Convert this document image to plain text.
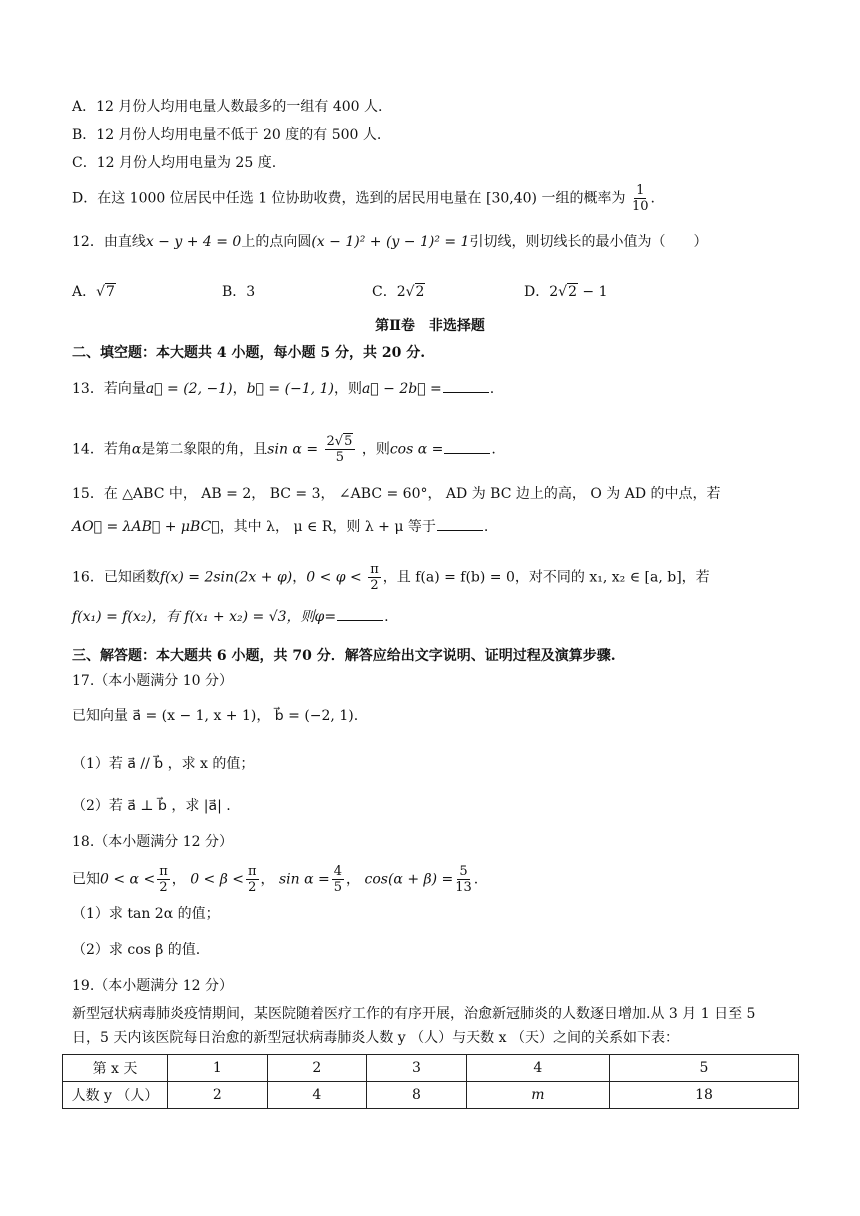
A．12 月份人均用电量人数最多的一组有 400 人.
B．12 月份人均用电量不低于 20 度的有 500 人.
C．12 月份人均用电量为 25 度.
D．在这 1000 位居民中任选 1 位协助收费，选到的居民用电量在 [30,40) 一组的概率为 $\frac{1}{10}$ .
12．由直线x − y + 4 = 0上的点向圆(x − 1)² + (y − 1)² = 1引切线，则切线长的最小值为（　　）
A．√7	B．3	C．2√2	D．2√2 − 1
第Ⅱ卷　非选择题
二、填空题：本大题共 4 小题，每小题 5 分，共 20 分.
13．若向量a⃗ = (2, −1)，b⃗ = (−1, 1)，则a⃗ − 2b⃗ =	.
14．若角α是第二象限的角，且$\sin \alpha = \frac{2√5}{5}$ ，则cos α =	.
15．在 △ABC 中， AB = 2， BC = 3， ∠ABC = 60°， AD 为 BC 边上的高， O 为 AD 的中点，若
AO⃗ = λAB⃗ + μBC⃗，其中 λ， μ ∈ R，则 λ + μ 等于	.
16．已知函数f(x) = 2sin(2x + φ)，$0 < \varphi < \frac{\pi}{2}$ ，且 f(a) = f(b) = 0，对不同的 x₁, x₂ ∈ [a, b]，若
f(x₁) = f(x₂)，有 f(x₁ + x₂) = √3，则φ=	.
三、解答题：本大题共 6 小题，共 70 分．解答应给出文字说明、证明过程及演算步骤.
17.（本小题满分 10 分）
已知向量 a⃗ = (x − 1, x + 1)， b⃗ = (−2, 1).
（1）若 a⃗ // b⃗ ，求 x 的值；
（2）若 a⃗ ⊥ b⃗ ，求 |a⃗| .
18.（本小题满分 12 分）
已知$0 < \alpha < \frac{\pi}{2}$ ， $0 < \beta < \frac{\pi}{2}$ ， $\sin \alpha = \frac{4}{5}$ ， $\cos(\alpha + \beta) = \frac{5}{13}$ .
（1）求 tan 2α 的值；
（2）求 cos β 的值.
19.（本小题满分 12 分）
新型冠状病毒肺炎疫情期间，某医院随着医疗工作的有序开展，治愈新冠肺炎的人数逐日增加.从 3 月 1 日至 5
日，5 天内该医院每日治愈的新型冠状病毒肺炎人数 y （人）与天数 x （天）之间的关系如下表：
第 x 天	1	2	3	4	5
人数 y （人）	2	4	8	m	18
